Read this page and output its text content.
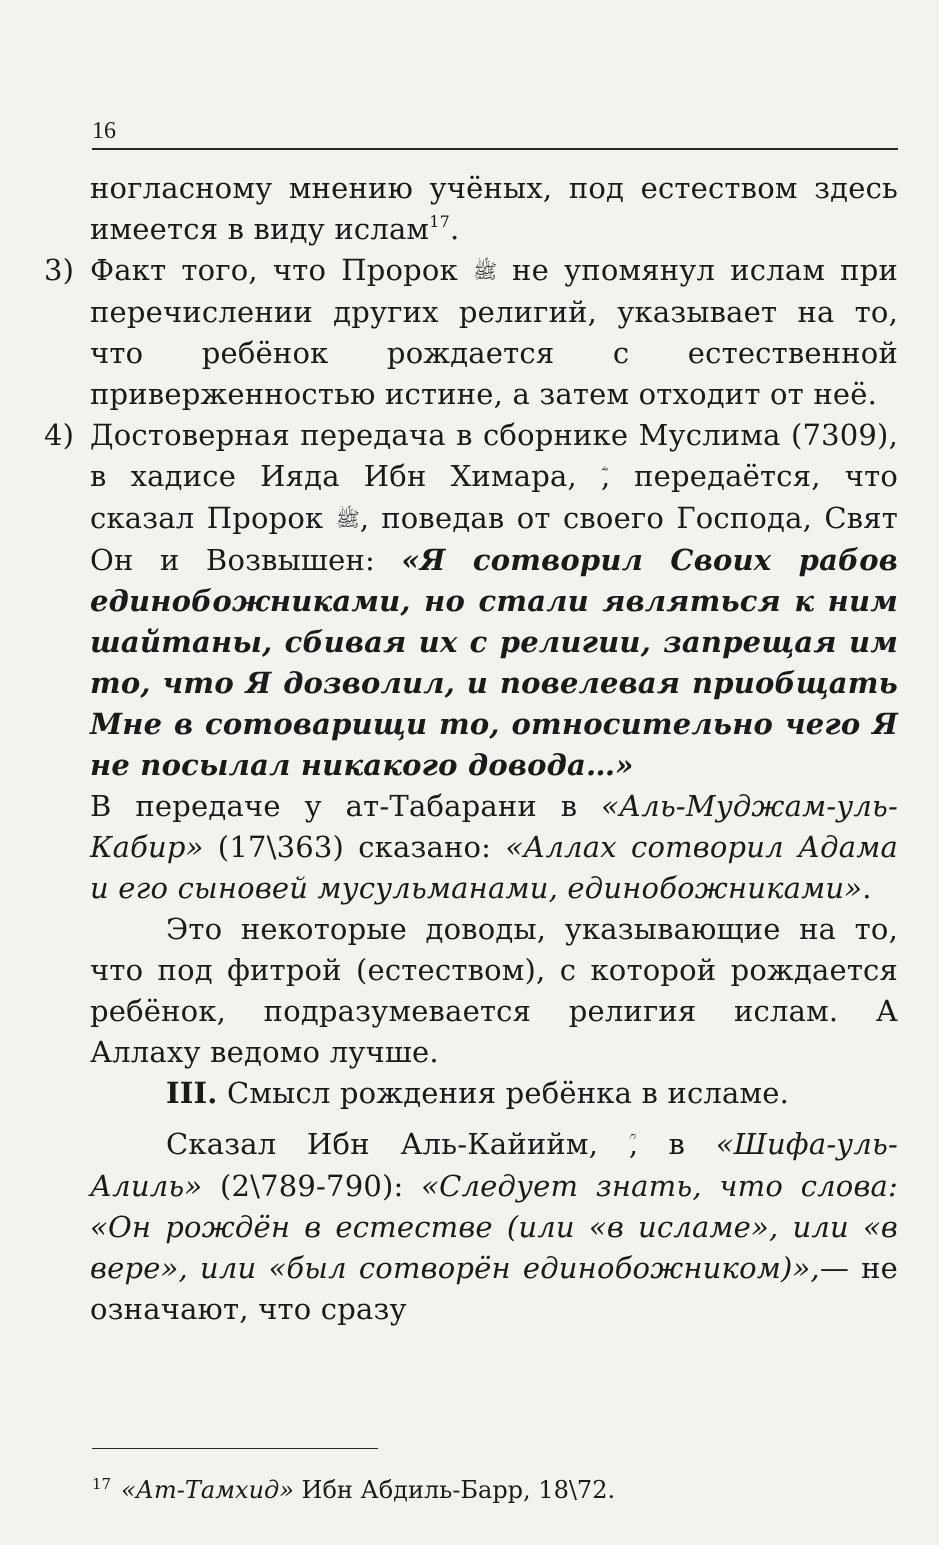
16

ногласному мнению учёных, под естеством здесь имеется в виду ислам$^{17}$.

3) Факт того, что Пророк ﷺ не упомянул ислам при перечислении других религий, указывает на то, что ребёнок рождается с естественной приверженностью истине, а затем отходит от неё.

4) Достоверная передача в сборнике Муслима (7309), в хадисе Ияда Ибн Химара, , передаётся, что сказал Пророк ﷺ, поведав от своего Господа, Свят Он и Возвышен: «Я сотворил Своих рабов единобожниками, но стали являться к ним шайтаны, сбивая их с религии, запрещая им то, что Я дозволил, и повелевая приобщать Мне в сотоварищи то, относительно чего Я не посылал никакого довода…»

В передаче у ат-Табарани в «Аль-Муджам-уль-Кабир» (17\363) сказано: «Аллах сотворил Адама и его сыновей мусульманами, единобожниками».

Это некоторые доводы, указывающие на то, что под фитрой (естеством), с которой рождается ребёнок, подразумевается религия ислам. А Аллаху ведомо лучше.

III. Смысл рождения ребёнка в исламе.

Сказал Ибн Аль-Кайийм, , в «Шифа-уль-Алиль» (2\789-790): «Следует знать, что слова: «Он рождён в естестве (или «в исламе», или «в вере», или «был сотворён единобожником)»,— не означают, что сразу

$^{17}$ «Ат-Тамхид» Ибн Абдиль-Барр, 18\72.
